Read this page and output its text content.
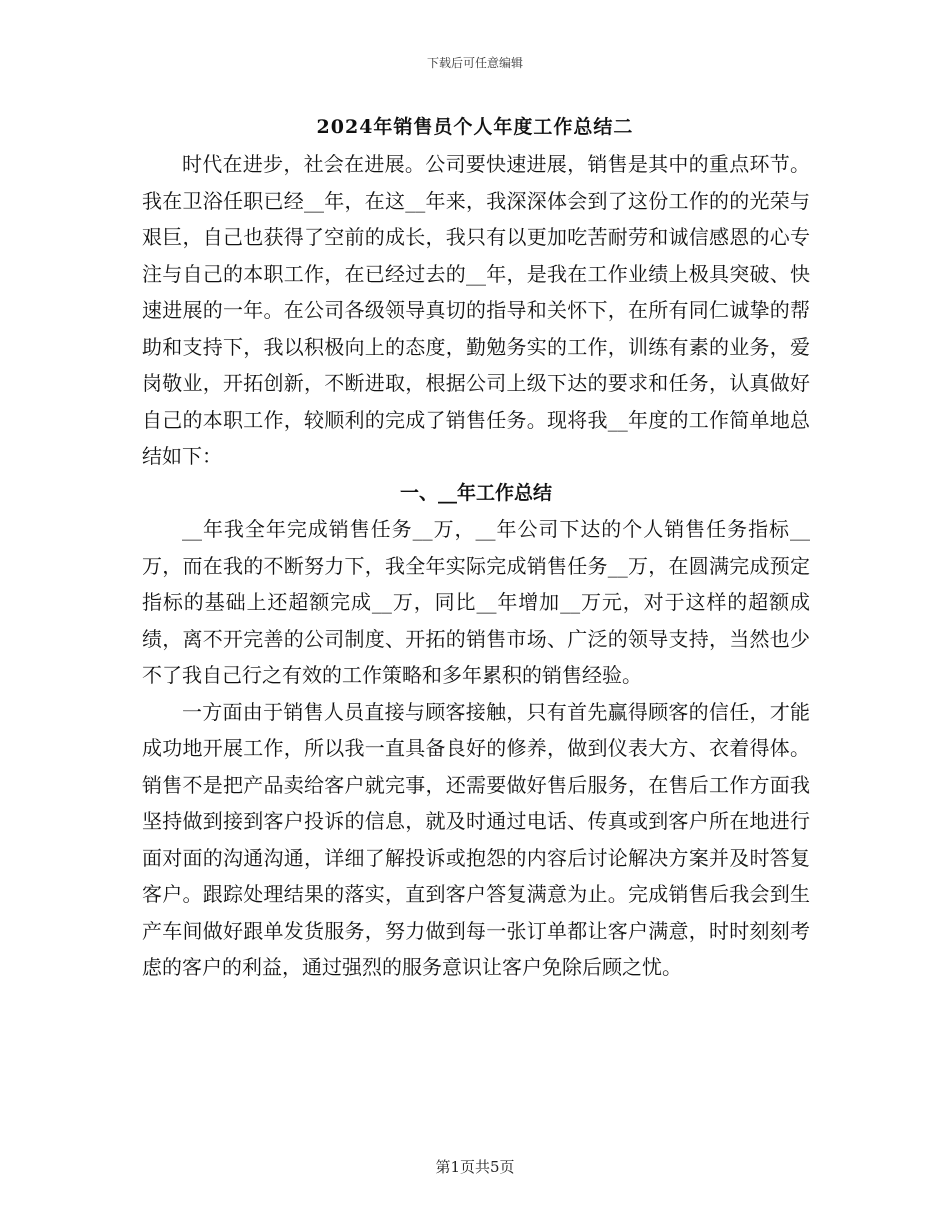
下载后可任意编辑
2024年销售员个人年度工作总结二

时代在进步，社会在进展。公司要快速进展，销售是其中的重点环节。我在卫浴任职已经__年，在这__年来，我深深体会到了这份工作的的光荣与艰巨，自己也获得了空前的成长，我只有以更加吃苦耐劳和诚信感恩的心专注与自己的本职工作，在已经过去的__年，是我在工作业绩上极具突破、快速进展的一年。在公司各级领导真切的指导和关怀下，在所有同仁诚挚的帮助和支持下，我以积极向上的态度，勤勉务实的工作，训练有素的业务，爱岗敬业，开拓创新，不断进取，根据公司上级下达的要求和任务，认真做好自己的本职工作，较顺利的完成了销售任务。现将我__年度的工作简单地总结如下：

一、__年工作总结

__年我全年完成销售任务__万，__年公司下达的个人销售任务指标__万，而在我的不断努力下，我全年实际完成销售任务__万，在圆满完成预定指标的基础上还超额完成__万，同比__年增加__万元，对于这样的超额成绩，离不开完善的公司制度、开拓的销售市场、广泛的领导支持，当然也少不了我自己行之有效的工作策略和多年累积的销售经验。

一方面由于销售人员直接与顾客接触，只有首先赢得顾客的信任，才能成功地开展工作，所以我一直具备良好的修养，做到仪表大方、衣着得体。销售不是把产品卖给客户就完事，还需要做好售后服务，在售后工作方面我坚持做到接到客户投诉的信息，就及时通过电话、传真或到客户所在地进行面对面的沟通沟通，详细了解投诉或抱怨的内容后讨论解决方案并及时答复客户。跟踪处理结果的落实，直到客户答复满意为止。完成销售后我会到生产车间做好跟单发货服务，努力做到每一张订单都让客户满意，时时刻刻考虑的客户的利益，通过强烈的服务意识让客户免除后顾之忧。

第1页共5页
